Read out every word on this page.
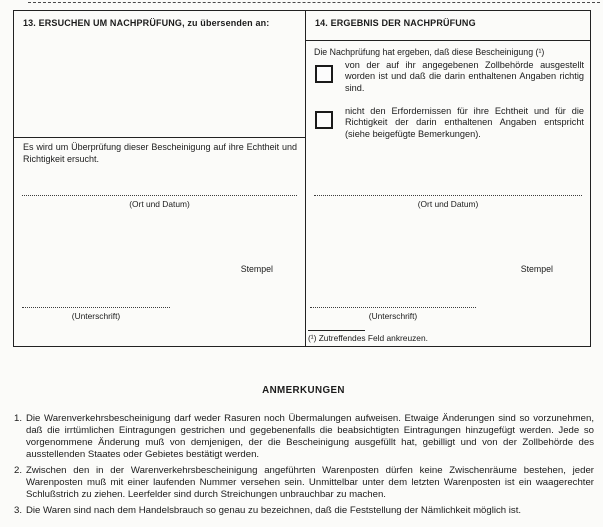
13. ERSUCHEN UM NACHPRÜFUNG, zu übersenden an:

Es wird um Überprüfung dieser Bescheinigung auf ihre Echtheit und Richtigkeit ersucht.

(Ort und Datum)
Stempel
(Unterschrift)
14. ERGEBNIS DER NACHPRÜFUNG

Die Nachprüfung hat ergeben, daß diese Bescheinigung (¹)

von der auf ihr angegebenen Zollbehörde ausgestellt worden ist und daß die darin enthaltenen Angaben richtig sind.

nicht den Erfordernissen für ihre Echtheit und für die Richtigkeit der darin enthaltenen Angaben entspricht (siehe beigefügte Bemerkungen).

(Ort und Datum)
Stempel
(Unterschrift)

(¹) Zutreffendes Feld ankreuzen.

ANMERKUNGEN
1. Die Warenverkehrsbescheinigung darf weder Rasuren noch Übermalungen aufweisen. Etwaige Änderungen sind so vorzunehmen, daß die irrtümlichen Eintragungen gestrichen und gegebenenfalls die beabsichtigten Eintragungen hinzugefügt werden. Jede so vorgenommene Änderung muß von demjenigen, der die Bescheinigung ausgefüllt hat, gebilligt und von der Zollbehörde des ausstellenden Staates oder Gebietes bestätigt werden.

2. Zwischen den in der Warenverkehrsbescheinigung angeführten Warenposten dürfen keine Zwischenräume bestehen, jeder Warenposten muß mit einer laufenden Nummer versehen sein. Unmittelbar unter dem letzten Warenposten ist ein waagerechter Schlußstrich zu ziehen. Leerfelder sind durch Streichungen unbrauchbar zu machen.

3. Die Waren sind nach dem Handelsbrauch so genau zu bezeichnen, daß die Feststellung der Nämlichkeit möglich ist.
